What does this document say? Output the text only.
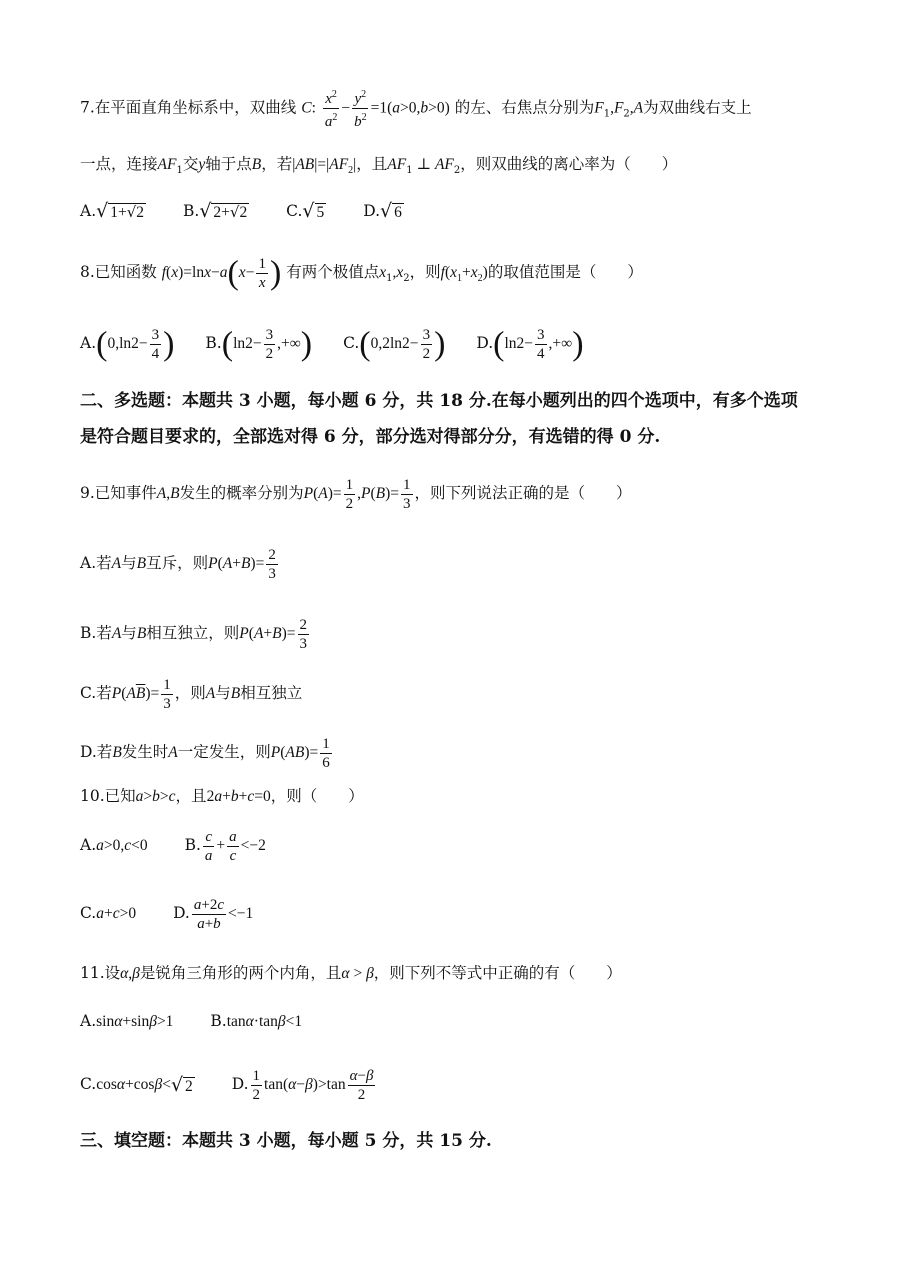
7.在平面直角坐标系中，双曲线 C: $\frac{x^2}{a^2} - \frac{y^2}{b^2} =1(a>0,b>0)$ 的左、右焦点分别为$F_1,F_2,A$为双曲线右支上
一点，连接$AF_1$交y轴于点B，若$|AB|=|AF_2|$，且$AF_1$ ⊥ $AF_2$，则双曲线的离心率为（　　）
A.√ 1+√2	B.√ 2+√2	C.√ 5	D.√ 6
8.已知函数 $f(x)=\ln x-a(x- \frac{1}{x}$ ) 有两个极值点$x_1,x_2$，则$f(x_1+x_2)$的取值范围是（　　）
$A.(0,\ln 2- \frac{3}{4}$ ) $B.(\ln 2- \frac{3}{2}$ ,+∞) $C.(0,2\ln 2- \frac{3}{2}$ ) $D.(\ln 2- \frac{3}{4}$ ,+∞)
二、多选题：本题共 3 小题，每小题 6 分，共 18 分.在每小题列出的四个选项中，有多个选项
是符合题目要求的，全部选对得 6 分，部分选对得部分分，有选错的得 0 分.
9.已知事件A,B发生的概率分别为$P(A)= \frac{1}{2} ,P(B)= \frac{1}{3}$ ，则下列说法正确的是（　　）
A.若A与B互斥，则$P(A+B)= \frac{2}{3}$
B.若A与B相互独立，则$P(A+B)= \frac{2}{3}$
C.若$P(A\overline{B})= \frac{1}{3}$ ，则A与B相互独立
D.若B发生时A一定发生，则$P(AB)= \frac{1}{6}$
10.已知a>b>c，且2a+b+c=0，则（　　）
A.a>0,c<0 B. $\frac{c}{a} + \frac{a}{c} <-2$
C.a+c>0 D. $\frac{a+2c}{a+b} <-1$
11.设α,β是锐角三角形的两个内角，且α > β，则下列不等式中正确的有（　　）
A.sinα+sinβ>1 B.tanα·tanβ<1
C.cosα+cosβ<√ 2	D. $\frac{1}{2} \tan(\alpha-\beta)>\tan \frac{\alpha-\beta}{2}$
三、填空题：本题共 3 小题，每小题 5 分，共 15 分.
